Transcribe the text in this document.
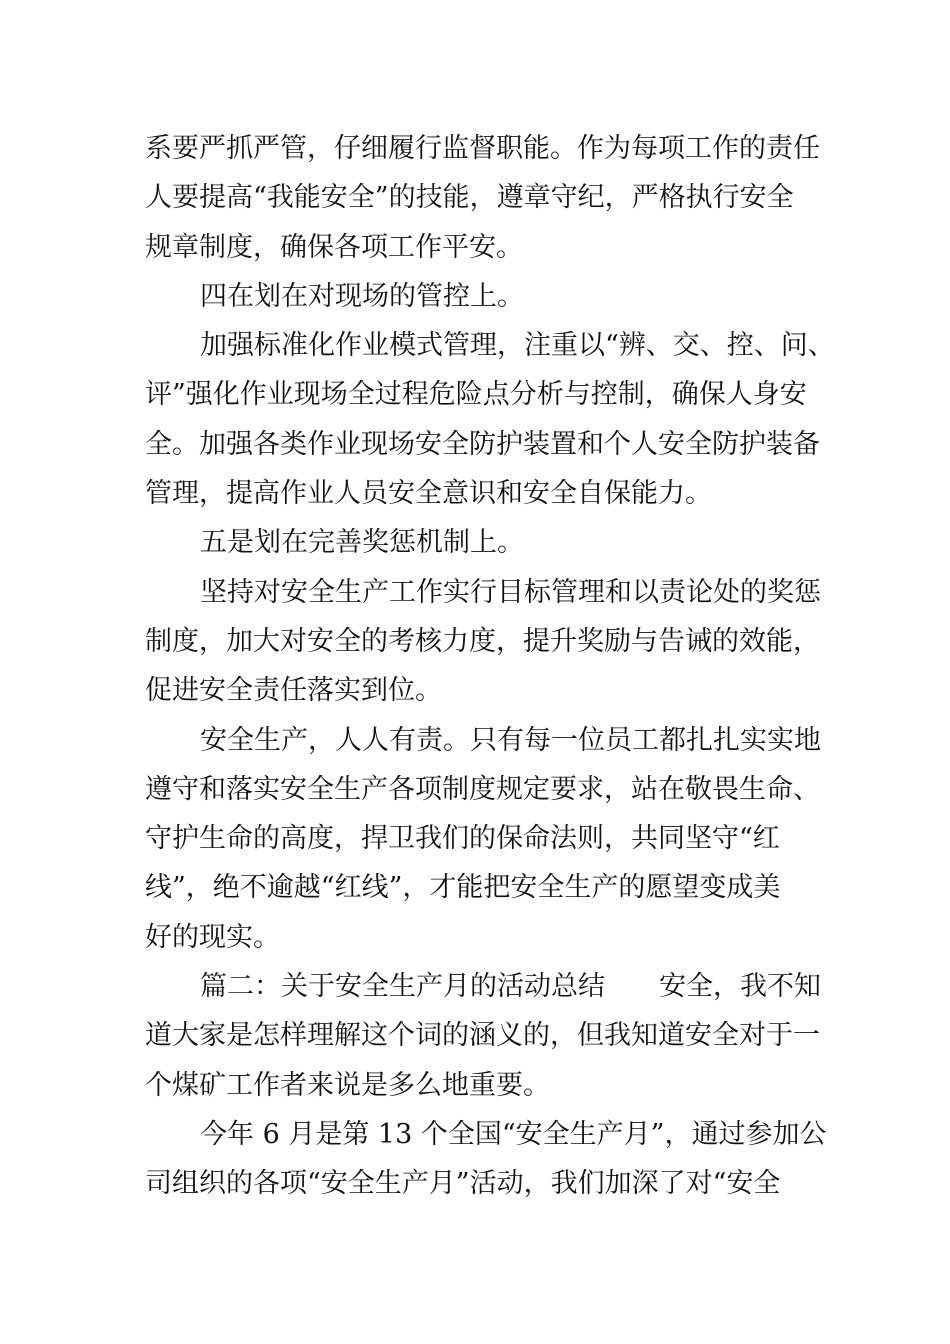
系要严抓严管，仔细履行监督职能。作为每项工作的责任
人要提高“我能安全”的技能，遵章守纪，严格执行安全
规章制度，确保各项工作平安。
四在划在对现场的管控上。
加强标准化作业模式管理，注重以“辨、交、控、问、
评”强化作业现场全过程危险点分析与控制，确保人身安
全。加强各类作业现场安全防护装置和个人安全防护装备
管理，提高作业人员安全意识和安全自保能力。
五是划在完善奖惩机制上。
坚持对安全生产工作实行目标管理和以责论处的奖惩
制度，加大对安全的考核力度，提升奖励与告诫的效能，
促进安全责任落实到位。
安全生产，人人有责。只有每一位员工都扎扎实实地
遵守和落实安全生产各项制度规定要求，站在敬畏生命、
守护生命的高度，捍卫我们的保命法则，共同坚守“红
线”，绝不逾越“红线”，才能把安全生产的愿望变成美
好的现实。
篇二：关于安全生产月的活动总结　　安全，我不知
道大家是怎样理解这个词的涵义的，但我知道安全对于一
个煤矿工作者来说是多么地重要。
今年 6 月是第 13 个全国“安全生产月”，通过参加公
司组织的各项“安全生产月”活动，我们加深了对“安全
